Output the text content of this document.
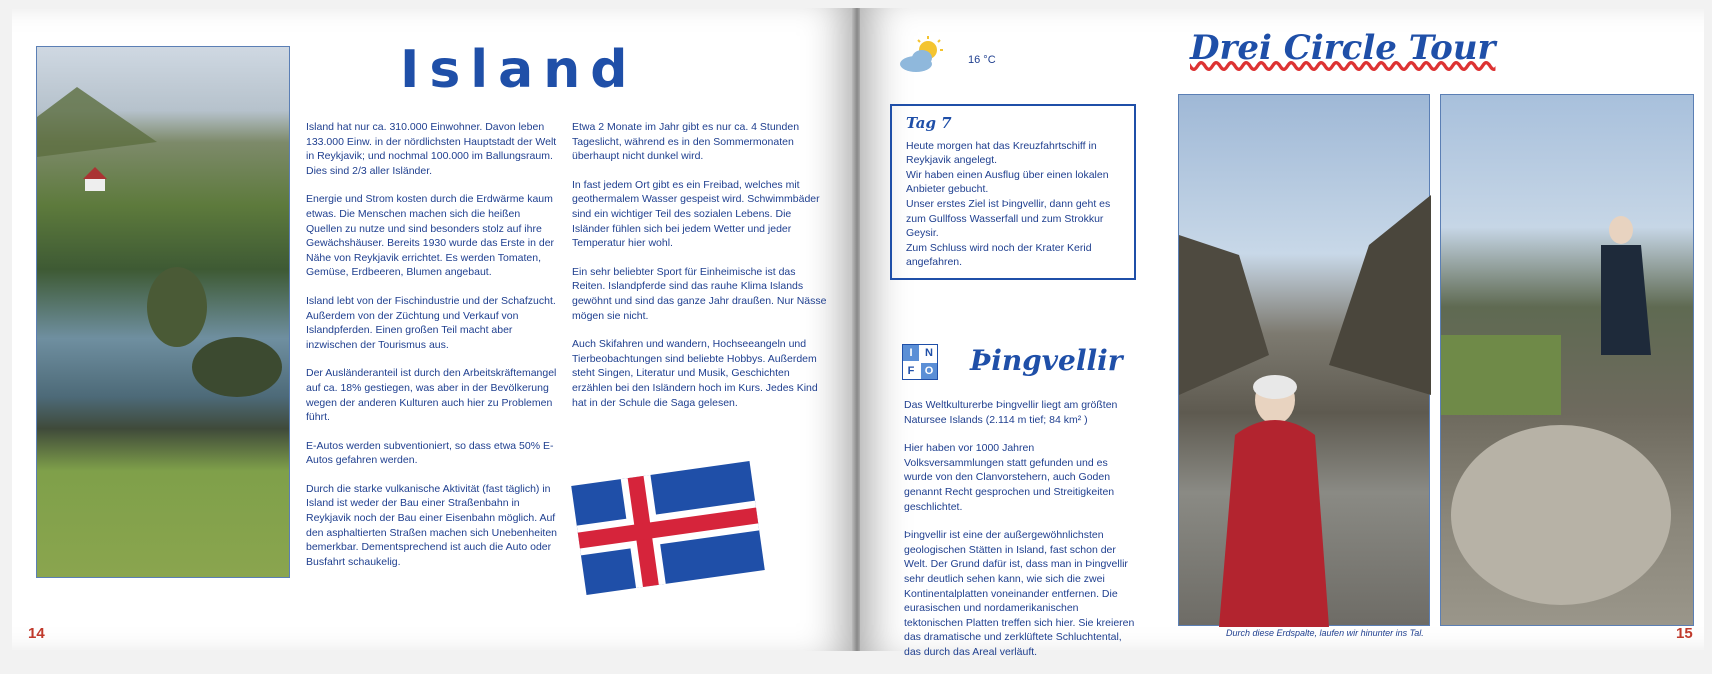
Island

Island hat nur ca. 310.000 Einwohner. Davon leben 133.000 Einw. in der nördlichsten Hauptstadt der Welt in Reykjavik; und nochmal 100.000 im Ballungsraum. Dies sind 2/3 aller Isländer.

Energie und Strom kosten durch die Erdwärme kaum etwas. Die Menschen machen sich die heißen Quellen zu nutze und sind besonders stolz auf ihre Gewächshäuser. Bereits 1930 wurde das Erste in der Nähe von Reykjavik errichtet. Es werden Tomaten, Gemüse, Erdbeeren, Blumen angebaut.

Island lebt von der Fischindustrie und der Schafzucht. Außerdem von der Züchtung und Verkauf von Islandpferden. Einen großen Teil macht aber inzwischen der Tourismus aus.

Der Ausländeranteil ist durch den Arbeitskräftemangel auf ca. 18% gestiegen, was aber in der Bevölkerung wegen der anderen Kulturen auch hier zu Problemen führt.

E-Autos werden subventioniert, so dass etwa 50% E-Autos gefahren werden.

Durch die starke vulkanische Aktivität (fast täglich) in Island ist weder der Bau einer Straßenbahn in Reykjavik noch der Bau einer Eisenbahn möglich. Auf den asphaltierten Straßen machen sich Unebenheiten bemerkbar. Dementsprechend ist auch die Auto oder Busfahrt schaukelig.

Etwa 2 Monate im Jahr gibt es nur ca. 4 Stunden Tageslicht, während es in den Sommermonaten überhaupt nicht dunkel wird.

In fast jedem Ort gibt es ein Freibad, welches mit geothermalem Wasser gespeist wird. Schwimmbäder sind ein wichtiger Teil des sozialen Lebens. Die Isländer fühlen sich bei jedem Wetter und jeder Temperatur hier wohl.

Ein sehr beliebter Sport für Einheimische ist das Reiten. Islandpferde sind das rauhe Klima Islands gewöhnt und sind das ganze Jahr draußen. Nur Nässe mögen sie nicht.

Auch Skifahren und wandern, Hochseeangeln und Tierbeobachtungen sind beliebte Hobbys. Außerdem steht Singen, Literatur und Musik, Geschichten erzählen bei den Isländern hoch im Kurs. Jedes Kind hat in der Schule die Saga gelesen.

14
16 °C	Drei Circle Tour
Tag 7
Heute morgen hat das Kreuzfahrtschiff in Reykjavik angelegt.
Wir haben einen Ausflug über einen lokalen Anbieter gebucht.
Unser erstes Ziel ist Þingvellir, dann geht es zum Gullfoss Wasserfall und zum Strokkur Geysir.
Zum Schluss wird noch der Krater Kerid angefahren.
I	N
F O Þingvellir

Das Weltkulturerbe Þingvellir liegt am größten Natursee Islands (2.114 m tief; 84 km² )

Hier haben vor 1000 Jahren Volksversammlungen statt gefunden und es wurde von den Clanvorstehern, auch Goden genannt Recht gesprochen und Streitigkeiten geschlichtet.

Þingvellir ist eine der außergewöhnlichsten geologischen Stätten in Island, fast schon der Welt. Der Grund dafür ist, dass man in Þingvellir sehr deutlich sehen kann, wie sich die zwei Kontinentalplatten voneinander entfernen. Die eurasischen und nordamerikanischen tektonischen Platten treffen sich hier. Sie kreieren das dramatische und zerklüftete Schluchtental, das durch das Areal verläuft.

Durch diese Erdspalte, laufen wir hinunter ins Tal.	15
